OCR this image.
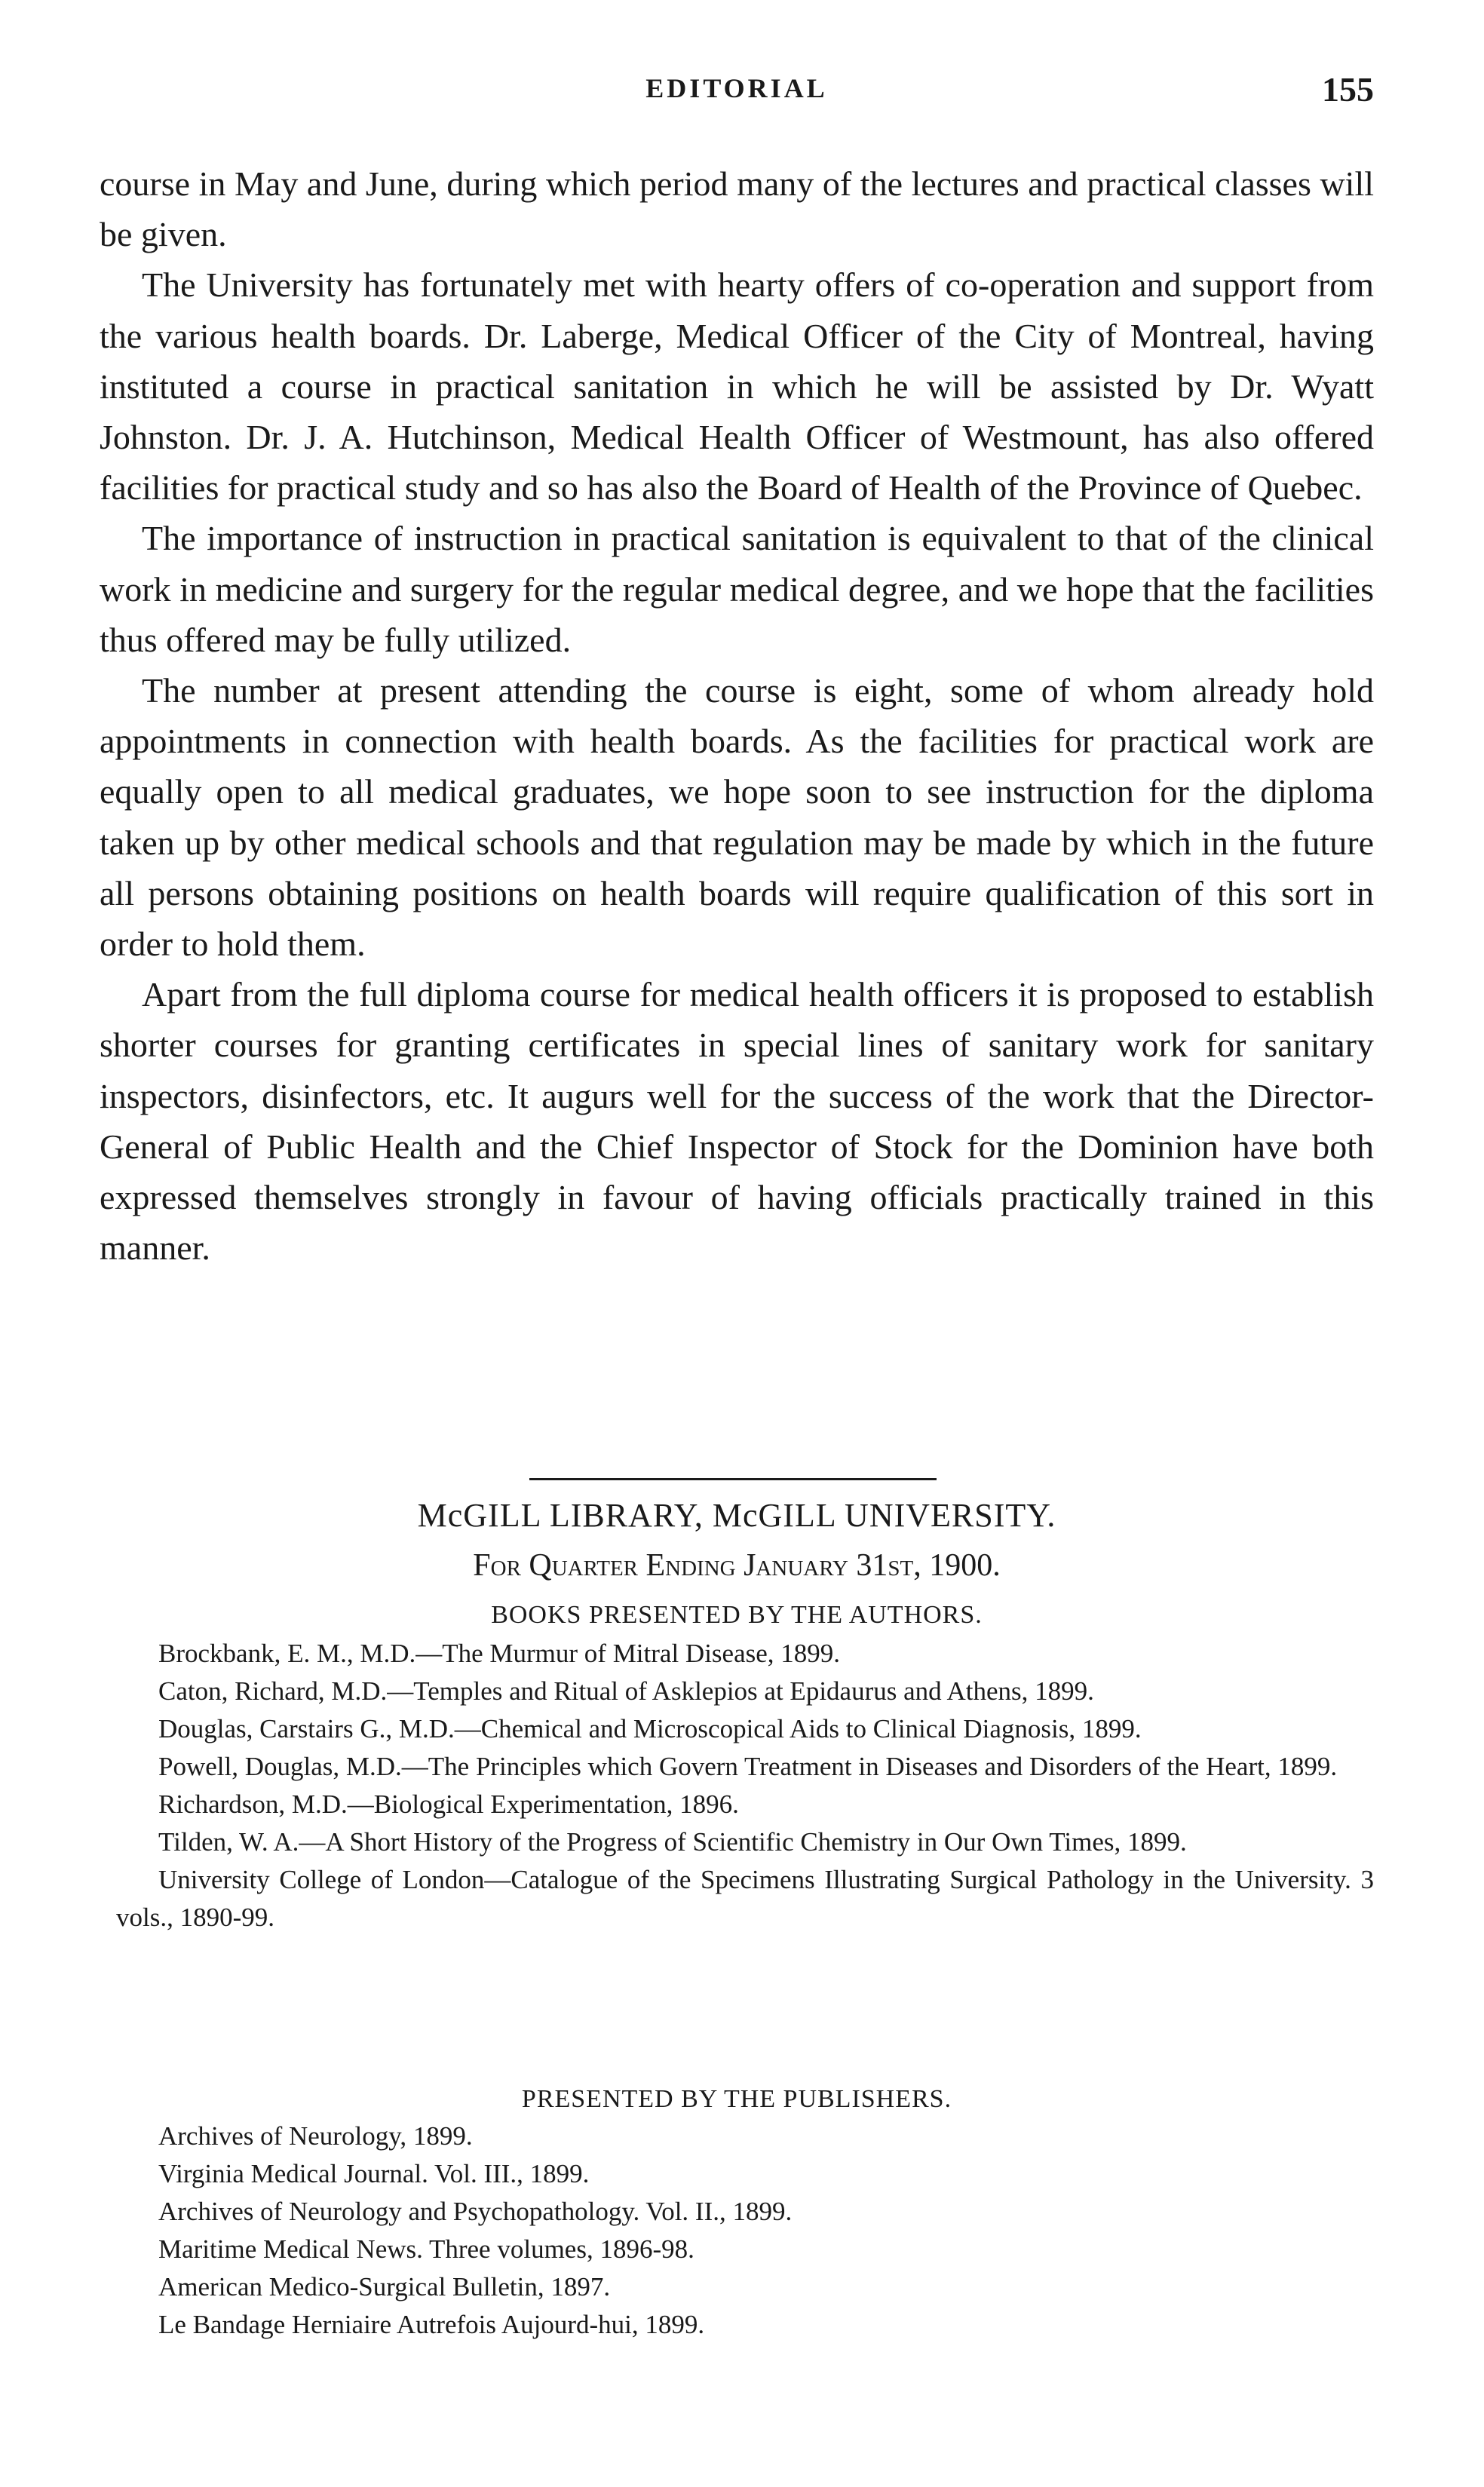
EDITORIAL	155

course in May and June, during which period many of the lectures and practical classes will be given.

The University has fortunately met with hearty offers of co-operation and support from the various health boards. Dr. Laberge, Medical Officer of the City of Montreal, having instituted a course in practical sanitation in which he will be assisted by Dr. Wyatt Johnston. Dr. J. A. Hutchinson, Medical Health Officer of Westmount, has also offered facilities for practical study and so has also the Board of Health of the Province of Quebec.

The importance of instruction in practical sanitation is equivalent to that of the clinical work in medicine and surgery for the regular medical degree, and we hope that the facilities thus offered may be fully utilized.

The number at present attending the course is eight, some of whom already hold appointments in connection with health boards. As the facilities for practical work are equally open to all medical graduates, we hope soon to see instruction for the diploma taken up by other medical schools and that regulation may be made by which in the future all persons obtaining positions on health boards will require qualification of this sort in order to hold them.

Apart from the full diploma course for medical health officers it is proposed to establish shorter courses for granting certificates in special lines of sanitary work for sanitary inspectors, disinfectors, etc. It augurs well for the success of the work that the Director-General of Public Health and the Chief Inspector of Stock for the Dominion have both expressed themselves strongly in favour of having officials practically trained in this manner.

McGILL LIBRARY, McGILL UNIVERSITY.
For Quarter Ending January 31st, 1900.
BOOKS PRESENTED BY THE AUTHORS.

Brockbank, E. M., M.D.—The Murmur of Mitral Disease, 1899.

Caton, Richard, M.D.—Temples and Ritual of Asklepios at Epidaurus and Athens, 1899.

Douglas, Carstairs G., M.D.—Chemical and Microscopical Aids to Clinical Diagnosis, 1899.

Powell, Douglas, M.D.—The Principles which Govern Treatment in Diseases and Disorders of the Heart, 1899.

Richardson, M.D.—Biological Experimentation, 1896.

Tilden, W. A.—A Short History of the Progress of Scientific Chemistry in Our Own Times, 1899.

University College of London—Catalogue of the Specimens Illustrating Surgical Pathology in the University. 3 vols., 1890-99.

PRESENTED BY THE PUBLISHERS.

Archives of Neurology, 1899.

Virginia Medical Journal. Vol. III., 1899.

Archives of Neurology and Psychopathology. Vol. II., 1899.

Maritime Medical News. Three volumes, 1896-98.

American Medico-Surgical Bulletin, 1897.

Le Bandage Herniaire Autrefois Aujourd-hui, 1899.
